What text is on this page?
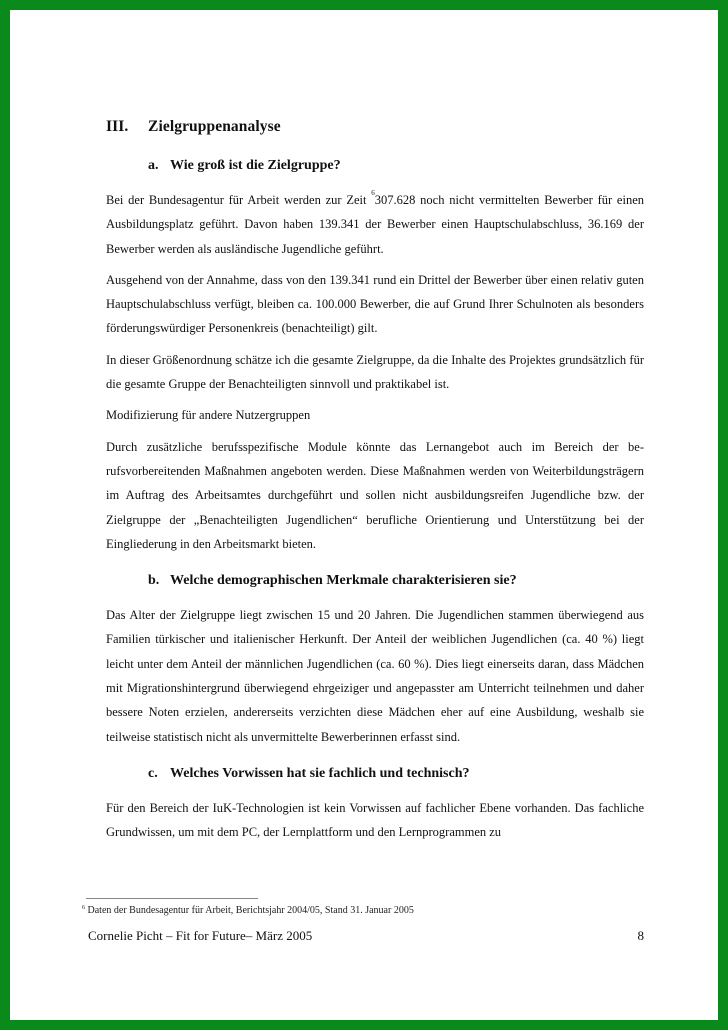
III. Zielgruppenanalyse
a. Wie groß ist die Zielgruppe?

Bei der Bundesagentur für Arbeit werden zur Zeit $^6$307.628 noch nicht vermittelten Bewerber für einen Ausbildungsplatz geführt. Davon haben 139.341 der Bewerber einen Hauptschulabschluss, 36.169 der Bewerber werden als ausländische Jugendliche geführt.

Ausgehend von der Annahme, dass von den 139.341 rund ein Drittel der Bewerber über einen relativ guten Hauptschulabschluss verfügt, bleiben ca. 100.000 Bewerber, die auf Grund Ihrer Schulnoten als besonders förderungswürdiger Personenkreis (benachteiligt) gilt.

In dieser Größenordnung schätze ich die gesamte Zielgruppe, da die Inhalte des Projektes grundsätzlich für die gesamte Gruppe der Benachteiligten sinnvoll und praktikabel ist.

Modifizierung für andere Nutzergruppen

Durch zusätzliche berufsspezifische Module könnte das Lernangebot auch im Bereich der berufsvorbereitenden Maßnahmen angeboten werden. Diese Maßnahmen werden von Weiterbildungsträgern im Auftrag des Arbeitsamtes durchgeführt und sollen nicht ausbildungsreifen Jugendliche bzw. der Zielgruppe der „Benachteiligten Jugendlichen“ berufliche Orientierung und Unterstützung bei der Eingliederung in den Arbeitsmarkt bieten.

b. Welche demographischen Merkmale charakterisieren sie?

Das Alter der Zielgruppe liegt zwischen 15 und 20 Jahren. Die Jugendlichen stammen überwiegend aus Familien türkischer und italienischer Herkunft. Der Anteil der weiblichen Jugendlichen (ca. 40 %) liegt leicht unter dem Anteil der männlichen Jugendlichen (ca. 60 %). Dies liegt einerseits daran, dass Mädchen mit Migrationshintergrund überwiegend ehrgeiziger und angepasster am Unterricht teilnehmen und daher bessere Noten erzielen, andererseits verzichten diese Mädchen eher auf eine Ausbildung, weshalb sie teilweise statistisch nicht als unvermittelte Bewerberinnen erfasst sind.

c. Welches Vorwissen hat sie fachlich und technisch?

Für den Bereich der IuK-Technologien ist kein Vorwissen auf fachlicher Ebene vorhanden. Das fachliche Grundwissen, um mit dem PC, der Lernplattform und den Lernprogrammen zu

$^6$ Daten der Bundesagentur für Arbeit, Berichtsjahr 2004/05, Stand 31. Januar 2005
Cornelie Picht – Fit for Future– März 2005	8
